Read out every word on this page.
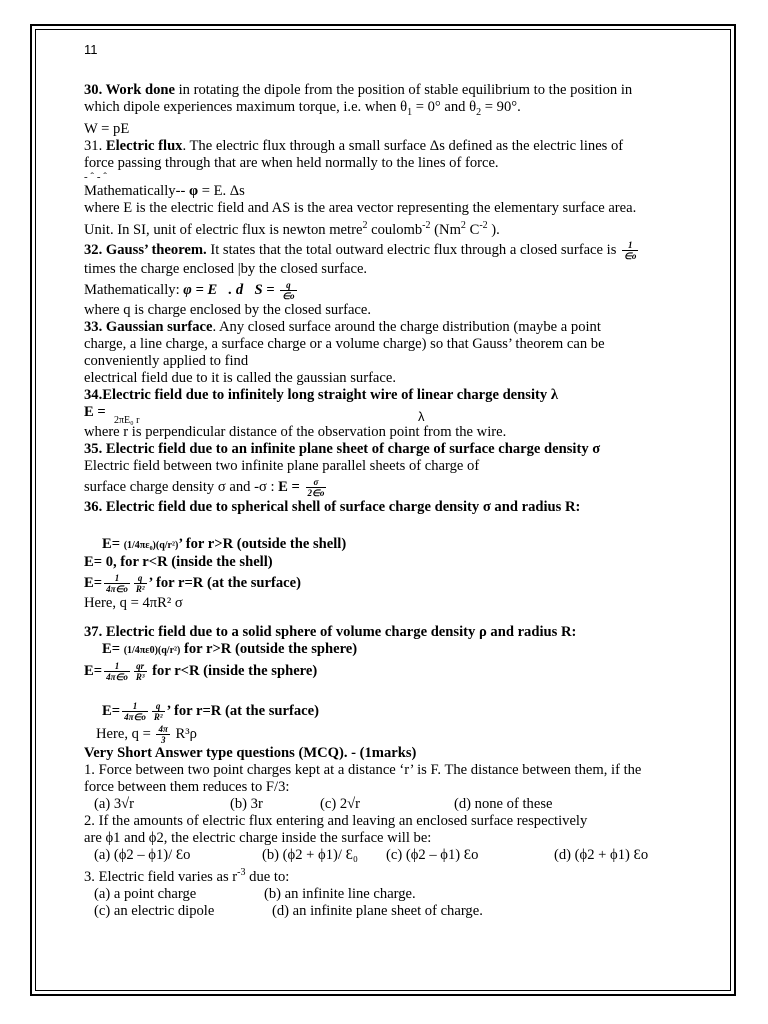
11
30. Work done in rotating the dipole from the position of stable equilibrium to the position in
which dipole experiences maximum torque, i.e. when $\theta_1 = 0^\circ$ and $\theta_2 = 90^\circ$.
W = pE
31. Electric flux. The electric flux through a small surface Δs defined as the electric lines of
force passing through that are when held normally to the lines of force.
- ˆ - ˆ
Mathematically-- φ = E. Δs
where E is the electric field and AS is the area vector representing the elementary surface area.
Unit. In SI, unit of electric flux is newton metre$^2$ coulomb$^{-2}$ (Nm$^2$ $C^{-2}$ ).
32. Gauss’ theorem. It states that the total outward electric flux through a closed surface is $\frac{1}{\in o}$
times the charge enclosed |by the closed surface.
Mathematically: φ = E⃗. d⃗S = $\frac{q}{\in o}$
where q is charge enclosed by the closed surface.
33. Gaussian surface. Any closed surface around the charge distribution (maybe a point
charge, a line charge, a surface charge or a volume charge) so that Gauss’ theorem can be
conveniently applied to find
electrical field due to it is called the gaussian surface.
34.Electric field due to infinitely long straight wire of linear charge density λ
E =
2πE₀ r	λ
where r is perpendicular distance of the observation point from the wire.
35. Electric field due to an infinite plane sheet of charge of surface charge density σ
Electric field between two infinite plane parallel sheets of charge of
surface charge density σ and -σ : $E = \frac{\sigma}{2\in o}$
36. Electric field due to spherical shell of surface charge density σ and radius R:
E= (1/4πε₀)(q/r²)’ for r>R (outside the shell)
E= 0, for r<R (inside the shell)
$E= \frac{1}{4\pi\in o} \frac{q}{\text{R²}}$ ’ for r=R (at the surface)
Here, q = 4πR² σ
37. Electric field due to a solid sphere of volume charge density ρ and radius R:
E= (1/4πε0)(q/r²) for r>R (outside the sphere)
$E= \frac{1}{4\pi\in o} \frac{qr}{\text{R³}}$ for r<R (inside the sphere)
$E= \frac{1}{4\pi\in o} \frac{q}{\text{R²}}$ ’ for r=R (at the surface)
Here, $q = \frac{4\pi}{3} R^3\rho$
Very Short Answer type questions (MCQ). - (1marks)
1. Force between two point charges kept at a distance ‘r’ is F. The distance between them, if the
force between them reduces to F/3:
(a) 3√r	(b) 3r	(c) 2√r	(d) none of these
2. If the amounts of electric flux entering and leaving an enclosed surface respectively
are ϕ1 and ϕ2, the electric charge inside the surface will be:
(a) (ϕ2 – ϕ1)/ Ɛo	(b) (ϕ2 + ϕ1)/ Ɛ₀ (c) (ϕ2 – ϕ1) Ɛo	(d) (ϕ2 + ϕ1) Ɛo
3. Electric field varies as $r^{-3}$ due to:
(a) a point charge	(b) an infinite line charge.
(c) an electric dipole	(d) an infinite plane sheet of charge.
